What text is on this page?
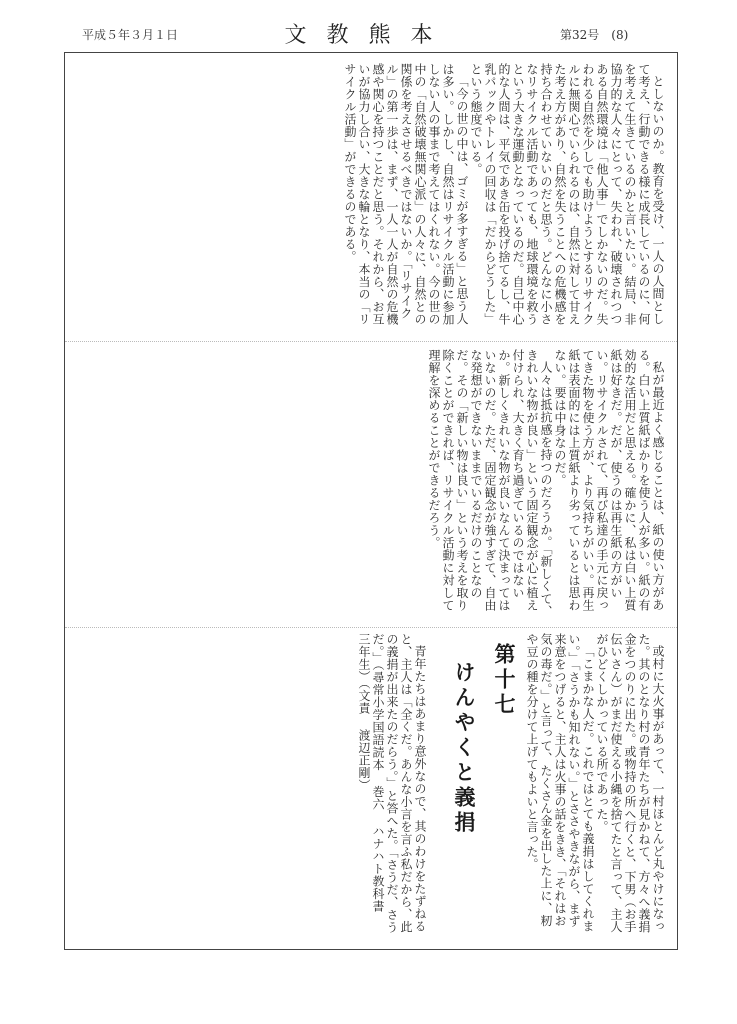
平成５年３月１日	文教熊本	第32号　(8)

としないのか。教育を受け、一人の人間として考え、行動できる様に成長しているのに、何を考えて生きているのかと言いたい。結局、非協力的な人々にとって、失われ、破壊されつつある自然環境は「他人事」でしかないのだ。失われる自然を少しでも助けようとするリサイクルに無関心でいられるのは、自然に対して甘えた考え方があり、自然を失うことへの危機感を持ち合わせていないのだと思う。どんなに小さなリサイクル活動であっても、地球環境を救うという大きな運動となっているのだ。自己中心的な人間は、平気であき缶を投げ捨てるし、牛乳パックやトレイの回収は「だからどうした」という態度でいる。

「今の世の中は、ゴミが多すぎる」と思う人は多い。しかし、自然はリサイクル活動に参加しない人の事まで考えてはくれない。今の世の中の「自然破壊無関心派」の人々に、自然との関係を考えさせるべきではないか。「リサイクル」の第一歩は、まず、一人一人が自然の危機感や関心を持つことだと思う。それから、お互いが協力し合い、大きな輪となり、本当の「リサイクル活動」ができるのである。

私が最近よく感じることは、紙の使い方がある。白い上質紙ばかりを使う人が多い。紙の有効的な活用だと思える。確かに、私は白い上質紙は好きだ。だが、使うのは再生紙の方がいい。リサイクルされて、再び私達の手元に戻ってきた物を使う方が、より気持ちがいい。再生紙は表面的には上質紙より劣っているとは思わない。要は中身なのだ。

人々は抵抗感を持つのだろうか。「新しくて、きれいな物が良い」という固定観念が心に植え付けられ、大きく育ち過ぎているのではないか。新しくきれいな物が良いなんて決まってはいないのだ。ただ、固定観念が強すぎて、自由な発想ができないままでいるだけのことなのだ。その「新しい物は良い」という考えを取り除くことができれば、リサイクル活動に対して理解を深めることができるだろう。

青年たちはあまり意外なので、其のわけをたずねると、主人は「全くだ。あんな小言を言ふ私だから、此の義捐が出来たのだらう。」と答へた。「さうだ、さうだ。」（尋常小学国語読本 巻六 ハナハト教科書 三年生）（文責 渡辺正剛）	第十七
けんやくと義捐	或村に大火事があって、一村ほとんど丸やけになった。其のとなり村の青年たちが見かねて、方々へ義捐金をつのりに出た。或物持の所へ行くと、下男（お手伝いさん）がまだ使える小縄を捨てたと言って、主人がひどくしかっている所であった。

「こまかな人だ。これではとても義捐はしてくれまい。」「さうかも知れない。」とささやきながら、まず来意をつげると、主人は火事の話をきき、「それはお気の毒だ。」と言って、たくさん金を出した上に、籾や豆の種を分けて上げてもよいと言った。
